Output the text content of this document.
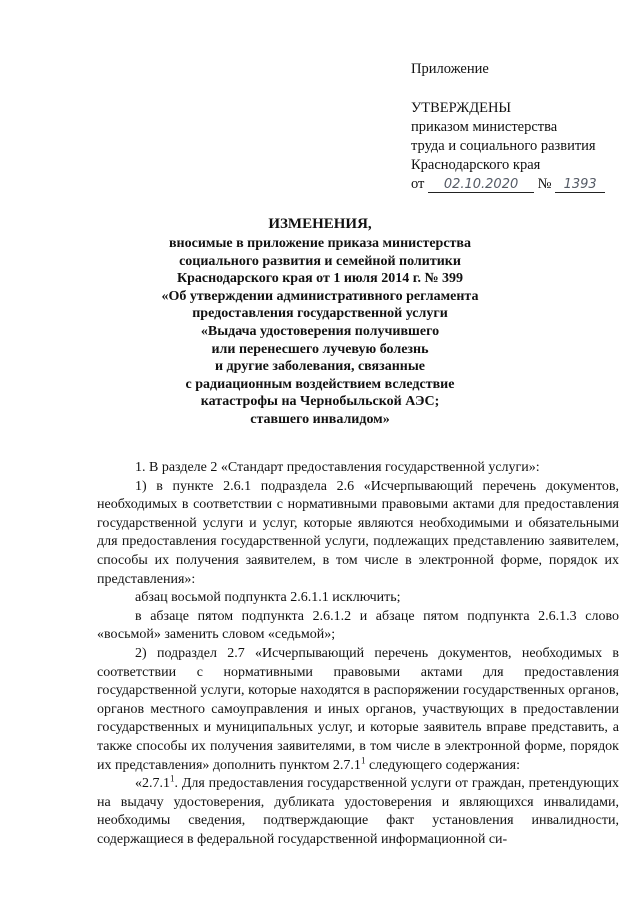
Приложение
УТВЕРЖДЕНЫ
приказом министерства
труда и социального развития
Краснодарского края
от 02.10.2020 № 1393
ИЗМЕНЕНИЯ,
вносимые в приложение приказа министерства
социального развития и семейной политики
Краснодарского края от 1 июля 2014 г. № 399
«Об утверждении административного регламента
предоставления государственной услуги
«Выдача удостоверения получившего
или перенесшего лучевую болезнь
и другие заболевания, связанные
с радиационным воздействием вследствие
катастрофы на Чернобыльской АЭС;
ставшего инвалидом»

1. В разделе 2 «Стандарт предоставления государственной услуги»:

1) в пункте 2.6.1 подраздела 2.6 «Исчерпывающий перечень документов, необходимых в соответствии с нормативными правовыми актами для предоставления государственной услуги и услуг, которые являются необходимыми и обязательными для предоставления государственной услуги, подлежащих представлению заявителем, способы их получения заявителем, в том числе в электронной форме, порядок их представления»:

абзац восьмой подпункта 2.6.1.1 исключить;

в абзаце пятом подпункта 2.6.1.2 и абзаце пятом подпункта 2.6.1.3 слово «восьмой» заменить словом «седьмой»;

2) подраздел 2.7 «Исчерпывающий перечень документов, необходимых в соответствии с нормативными правовыми актами для предоставления государственной услуги, которые находятся в распоряжении государственных органов, органов местного самоуправления и иных органов, участвующих в предоставлении государственных и муниципальных услуг, и которые заявитель вправе представить, а также способы их получения заявителями, в том числе в электронной форме, порядок их представления» дополнить пунктом 2.7.1$^1$ следующего содержания:

«2.7.1$^1$. Для предоставления государственной услуги от граждан, претендующих на выдачу удостоверения, дубликата удостоверения и являющихся инвалидами, необходимы сведения, подтверждающие факт установления инвалидности, содержащиеся в федеральной государственной информационной си-
